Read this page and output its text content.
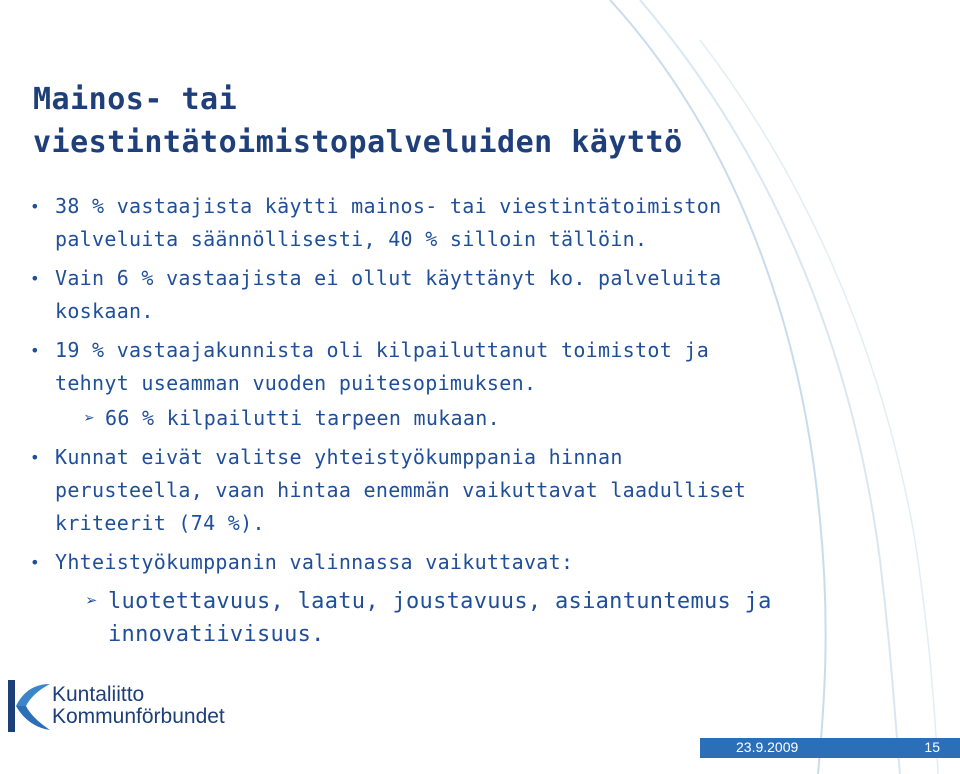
Mainos- tai
viestintätoimistopalveluiden käyttö
• 38 % vastaajista käytti mainos- tai viestintätoimiston
palveluita säännöllisesti, 40 % silloin tällöin.
• Vain 6 % vastaajista ei ollut käyttänyt ko. palveluita
koskaan.
• 19 % vastaajakunnista oli kilpailuttanut toimistot ja
tehnyt useamman vuoden puitesopimuksen.
➢ 66 % kilpailutti tarpeen mukaan.
• Kunnat eivät valitse yhteistyökumppania hinnan
perusteella, vaan hintaa enemmän vaikuttavat laadulliset
kriteerit (74 %).
• Yhteistyökumppanin valinnassa vaikuttavat:
➢ luotettavuus, laatu, joustavuus, asiantuntemus ja
innovatiivisuus.
Kuntaliitto
Kommunförbundet
23.9.2009	15
